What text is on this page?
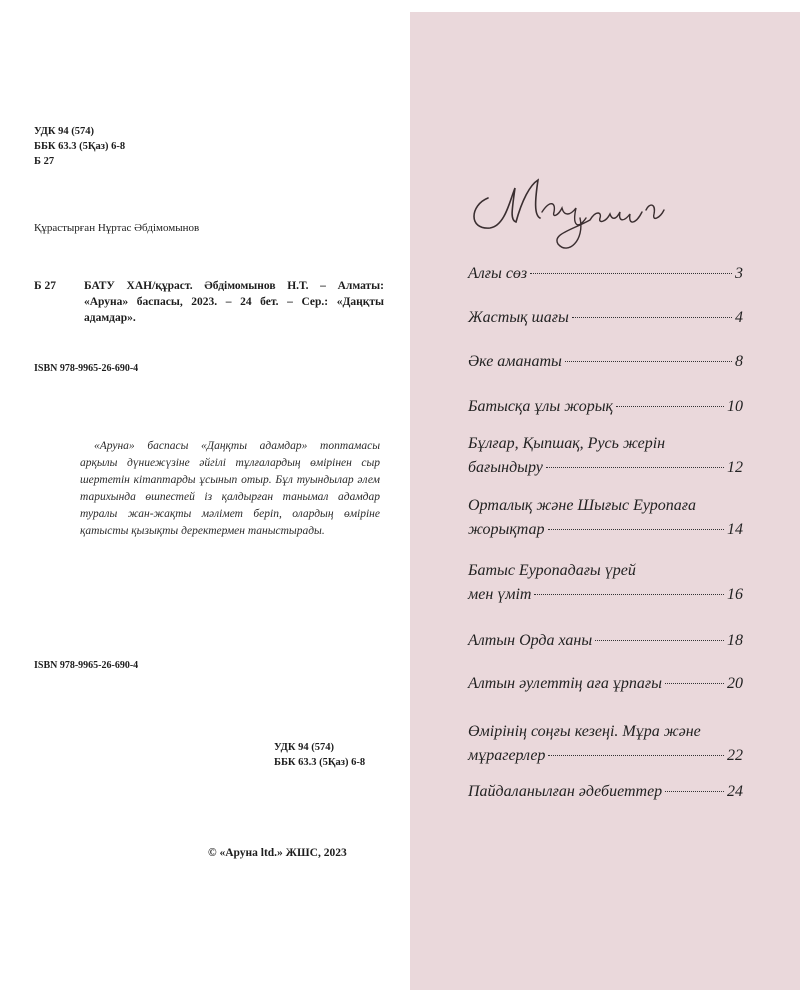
УДК 94 (574)
ББК 63.3 (5Қаз) 6-8
Б 27
Құрастырған Нұртас Әбдімомынов
Б 27 БАТУ ХАН/құраст. Әбдімомынов Н.Т. – Алматы: «Аруна» баспасы, 2023. – 24 бет. – Сер.: «Даңқты адамдар».
ISBN 978-9965-26-690-4
«Аруна» баспасы «Даңқты адамдар» топтамасы арқылы дүниежүзіне әйгілі тұлғалардың өмірінен сыр шертетін кітаптарды ұсынып отыр. Бұл туындылар әлем тарихында өшпестей із қалдырған танымал адамдар туралы жан-жақты мәлімет беріп, олардың өміріне қатысты қызықты деректермен таныстырады.
ISBN 978-9965-26-690-4
УДК 94 (574)
ББК 63.3 (5Қаз) 6-8
© «Аруна ltd.» ЖШС, 2023
Алғы сөз	3
Жастық шағы	4
Әке аманаты	8
Батысқа ұлы жорық	10
Бұлғар, Қыпшақ, Русь жерін
бағындыру	12
Орталық және Шығыс Еуропаға
жорықтар	14
Батыс Еуропадағы үрей
мен үміт	16
Алтын Орда ханы	18
Алтын әулеттің аға ұрпағы	20
Өмірінің соңғы кезеңі. Мұра және
мұрагерлер	22
Пайдаланылған әдебиеттер	24
